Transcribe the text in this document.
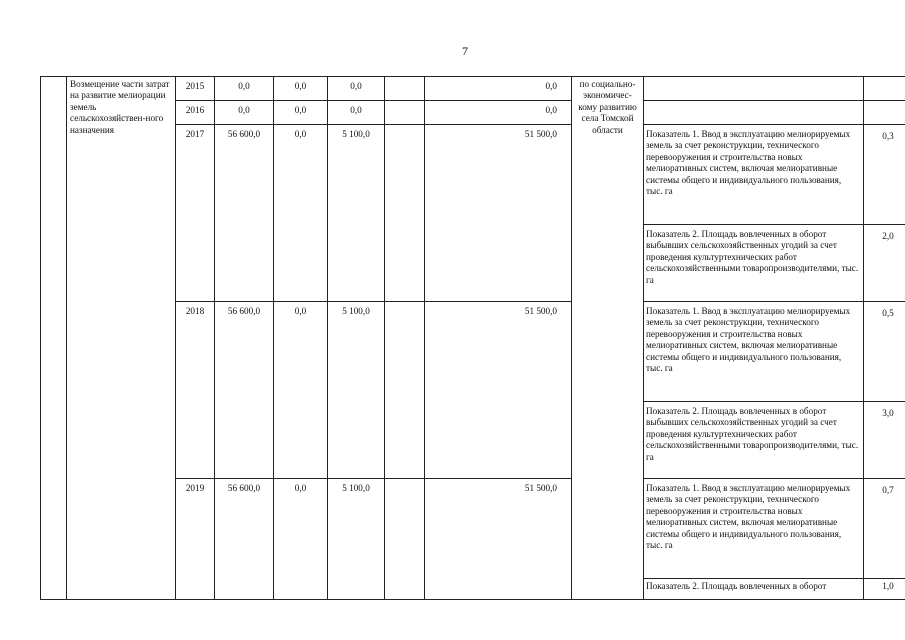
7
	Возмещение части затрат на развитие мелиорации земель сельскохозяйствен-ного назначения	2015	0,0	0,0	0,0		0,0	по социально-экономичес-кому развитию села Томской области		
		2016	0,0	0,0	0,0		0,0			
		2017	56 600,0	0,0	5 100,0		51 500,0		Показатель 1. Ввод в эксплуатацию мелиорируемых земель за счет реконструкции, технического перевооружения и строительства новых мелиоративных систем, включая мелиоративные системы общего и индивидуального пользования, тыс. га	0,3
									Показатель 2. Площадь вовлеченных в оборот выбывших сельскохозяйственных угодий за счет проведения культуртехнических работ сельскохозяйственными товаропроизводителями, тыс. га	2,0
		2018	56 600,0	0,0	5 100,0		51 500,0		Показатель 1. Ввод в эксплуатацию мелиорируемых земель за счет реконструкции, технического перевооружения и строительства новых мелиоративных систем, включая мелиоративные системы общего и индивидуального пользования, тыс. га	0,5
									Показатель 2. Площадь вовлеченных в оборот выбывших сельскохозяйственных угодий за счет проведения культуртехнических работ сельскохозяйственными товаропроизводителями, тыс. га	3,0
		2019	56 600,0	0,0	5 100,0		51 500,0		Показатель 1. Ввод в эксплуатацию мелиорируемых земель за счет реконструкции, технического перевооружения и строительства новых мелиоративных систем, включая мелиоративные системы общего и индивидуального пользования, тыс. га	0,7
									Показатель 2. Площадь вовлеченных в оборот	1,0
